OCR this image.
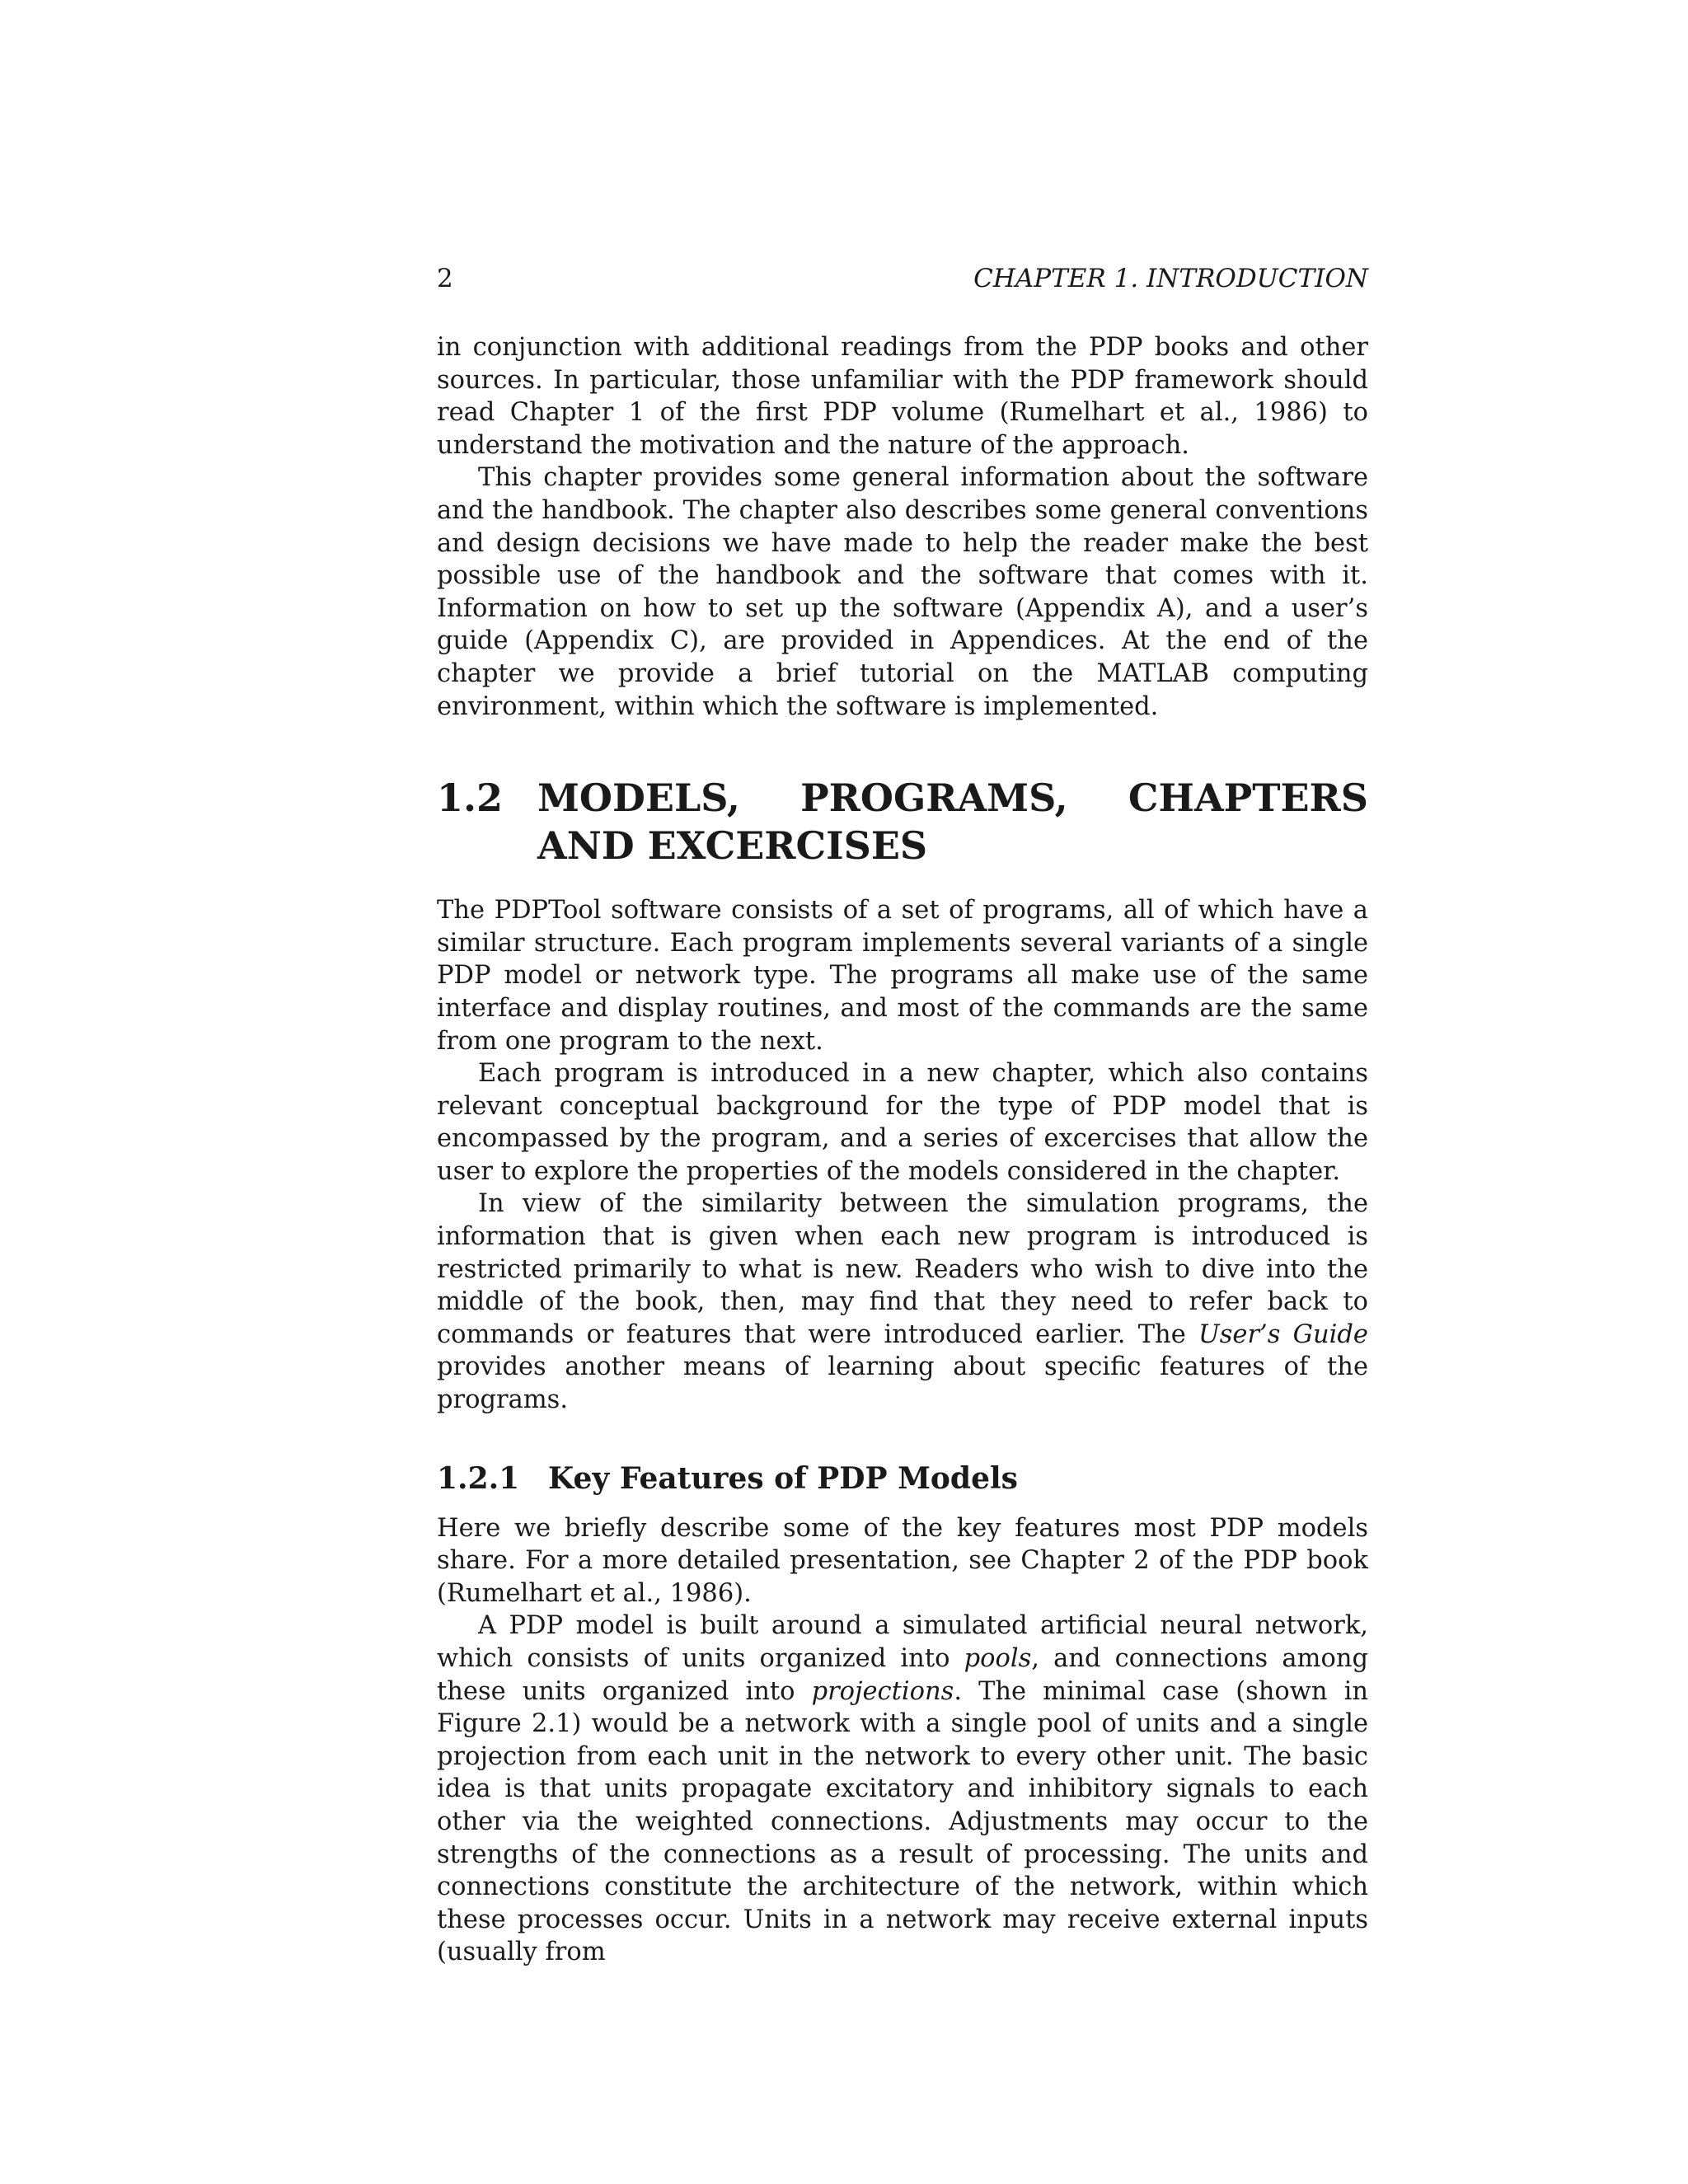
2	CHAPTER 1. INTRODUCTION

in conjunction with additional readings from the PDP books and other sources. In particular, those unfamiliar with the PDP framework should read Chapter 1 of the first PDP volume (Rumelhart et al., 1986) to understand the motivation and the nature of the approach.

This chapter provides some general information about the software and the handbook. The chapter also describes some general conventions and design decisions we have made to help the reader make the best possible use of the handbook and the software that comes with it. Information on how to set up the software (Appendix A), and a user’s guide (Appendix C), are provided in Appendices. At the end of the chapter we provide a brief tutorial on the MATLAB computing environment, within which the software is implemented.

1.2 MODELS, PROGRAMS, CHAPTERS AND EXCERCISES

The PDPTool software consists of a set of programs, all of which have a similar structure. Each program implements several variants of a single PDP model or network type. The programs all make use of the same interface and display routines, and most of the commands are the same from one program to the next.

Each program is introduced in a new chapter, which also contains relevant conceptual background for the type of PDP model that is encompassed by the program, and a series of excercises that allow the user to explore the properties of the models considered in the chapter.

In view of the similarity between the simulation programs, the information that is given when each new program is introduced is restricted primarily to what is new. Readers who wish to dive into the middle of the book, then, may find that they need to refer back to commands or features that were introduced earlier. The User’s Guide provides another means of learning about specific features of the programs.

1.2.1 Key Features of PDP Models

Here we briefly describe some of the key features most PDP models share. For a more detailed presentation, see Chapter 2 of the PDP book (Rumelhart et al., 1986).

A PDP model is built around a simulated artificial neural network, which consists of units organized into pools, and connections among these units organized into projections. The minimal case (shown in Figure 2.1) would be a network with a single pool of units and a single projection from each unit in the network to every other unit. The basic idea is that units propagate excitatory and inhibitory signals to each other via the weighted connections. Adjustments may occur to the strengths of the connections as a result of processing. The units and connections constitute the architecture of the network, within which these processes occur. Units in a network may receive external inputs (usually from
